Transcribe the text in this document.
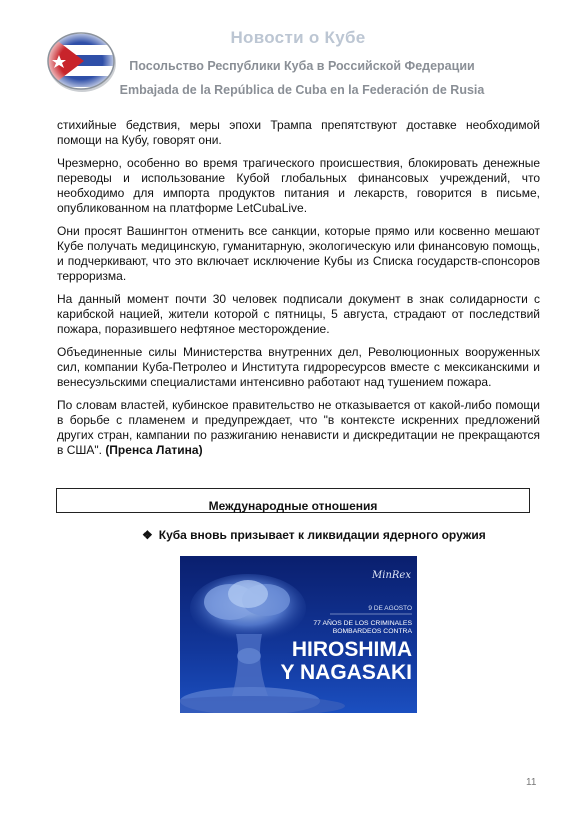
Новости о Кубе
Посольство Республики Куба в Российской Федерации
Embajada de la República de Cuba en la Federación de Rusia

стихийные бедствия, меры эпохи Трампа препятствуют доставке необходимой помощи на Кубу, говорят они.

Чрезмерно, особенно во время трагического происшествия, блокировать денежные переводы и использование Кубой глобальных финансовых учреждений, что необходимо для импорта продуктов питания и лекарств, говорится в письме, опубликованном на платформе LetCubaLive.

Они просят Вашингтон отменить все санкции, которые прямо или косвенно мешают Кубе получать медицинскую, гуманитарную, экологическую или финансовую помощь, и подчеркивают, что это включает исключение Кубы из Списка государств-спонсоров терроризма.

На данный момент почти 30 человек подписали документ в знак солидарности с карибской нацией, жители которой с пятницы, 5 августа, страдают от последствий пожара, поразившего нефтяное месторождение.

Объединенные силы Министерства внутренних дел, Революционных вооруженных сил, компании Куба-Петролео и Института гидроресурсов вместе с мексиканскими и венесуэльскими специалистами интенсивно работают над тушением пожара.

По словам властей, кубинское правительство не отказывается от какой-либо помощи в борьбе с пламенем и предупреждает, что "в контексте искренних предложений других стран, кампании по разжиганию ненависти и дискредитации не прекращаются в США". (Пренса Латина)

Международные отношения
❖ Куба вновь призывает к ликвидации ядерного оружия
MinRex
9 DE AGOSTO
77 AÑOS DE LOS CRIMINALES
BOMBARDEOS CONTRA
HIROSHIMA
Y NAGASAKI
11
